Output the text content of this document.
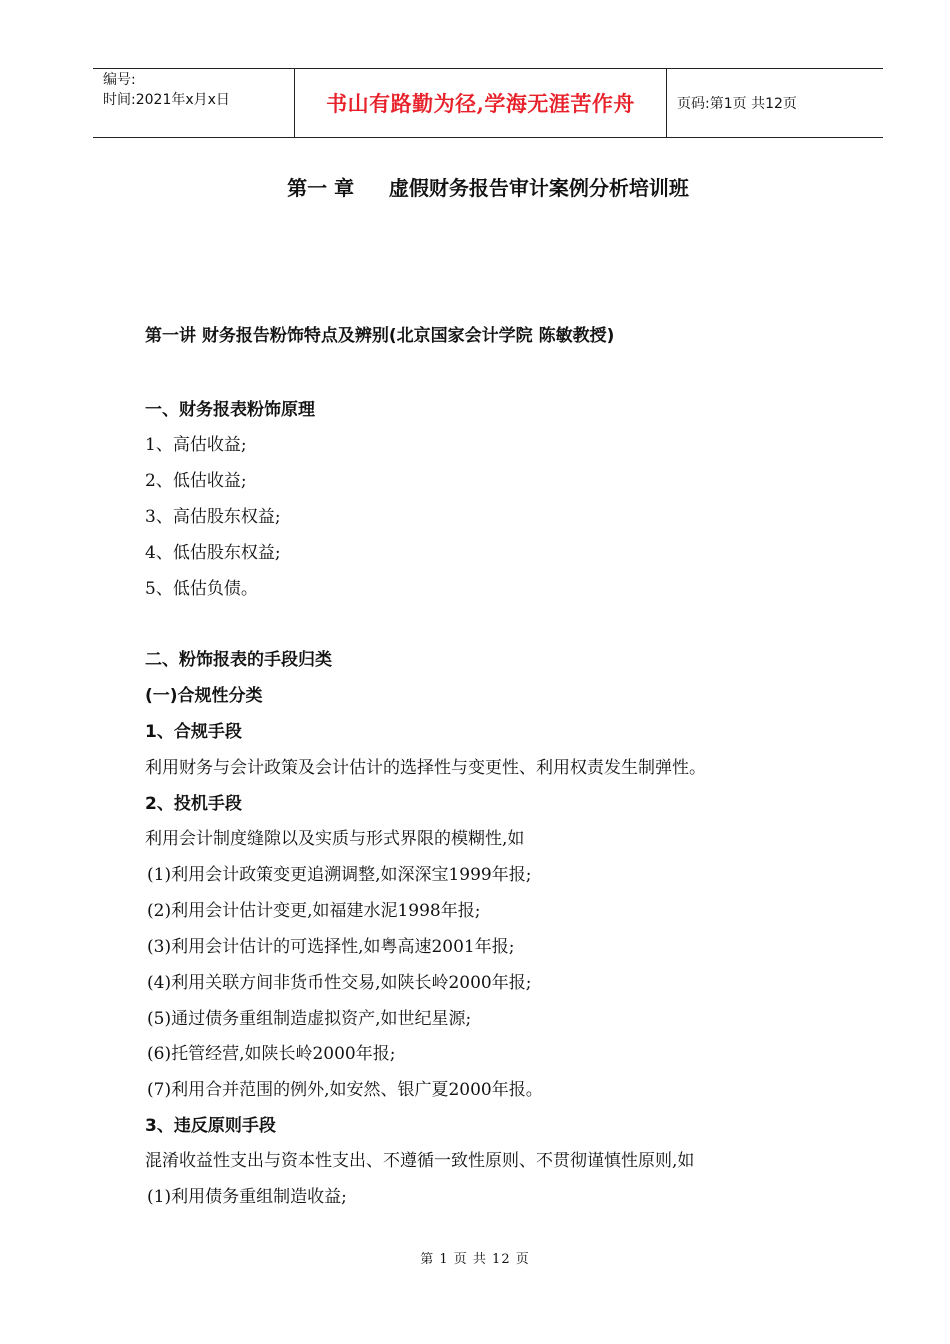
编号:
时间:2021年x月x日	书山有路勤为径,学海无涯苦作舟	页码:第1页 共12页
第一 章     虚假财务报告审计案例分析培训班
第一讲 财务报告粉饰特点及辨别(北京国家会计学院 陈敏教授)
一、财务报表粉饰原理
1、高估收益;
2、低估收益;
3、高估股东权益;
4、低估股东权益;
5、低估负债。
二、粉饰报表的手段归类
(一)合规性分类
1、合规手段
利用财务与会计政策及会计估计的选择性与变更性、利用权责发生制弹性。
2、投机手段
利用会计制度缝隙以及实质与形式界限的模糊性,如
(1)利用会计政策变更追溯调整,如深深宝1999年报;
(2)利用会计估计变更,如福建水泥1998年报;
(3)利用会计估计的可选择性,如粤高速2001年报;
(4)利用关联方间非货币性交易,如陕长岭2000年报;
(5)通过债务重组制造虚拟资产,如世纪星源;
(6)托管经营,如陕长岭2000年报;
(7)利用合并范围的例外,如安然、银广夏2000年报。
3、违反原则手段
混淆收益性支出与资本性支出、不遵循一致性原则、不贯彻谨慎性原则,如
(1)利用债务重组制造收益;
第 1 页 共 12 页
